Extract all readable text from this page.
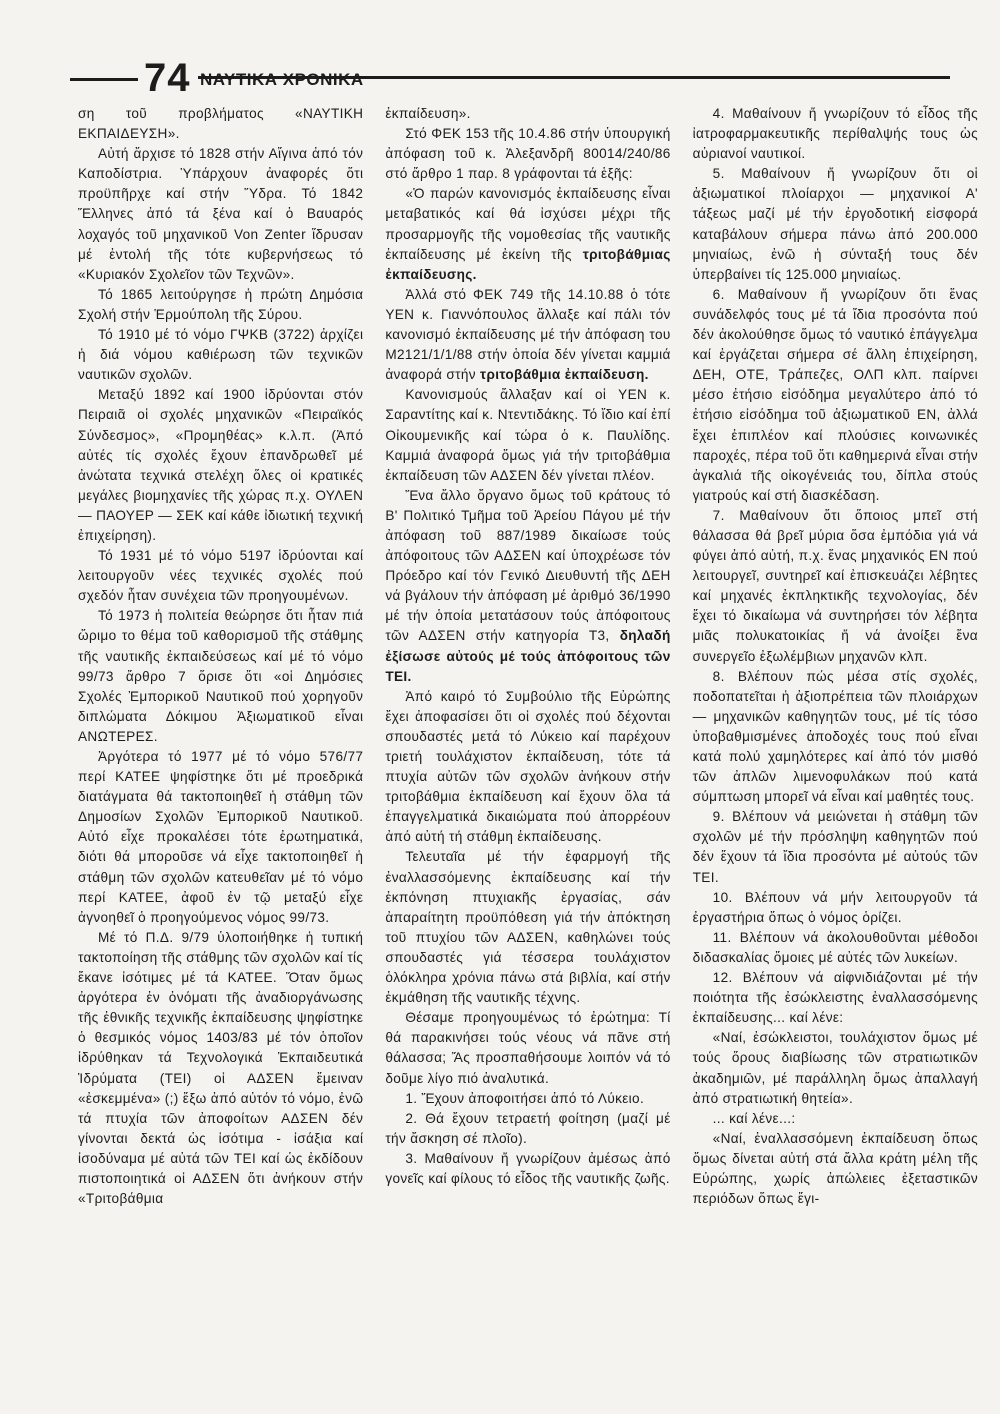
74 ΝΑΥΤΙΚΑ ΧΡΟΝΙΚΑ

ση τοῦ προβλήματος «ΝΑΥΤΙΚΗ ΕΚΠΑΙΔΕΥΣΗ».

Αὐτή ἄρχισε τό 1828 στήν Αἴγινα ἀπό τόν Καποδίστρια. Ὑπάρχουν ἀναφορές ὅτι προϋπῆρχε καί στήν Ὕδρα. Τό 1842 Ἕλληνες ἀπό τά ξένα καί ὁ Βαυαρός λοχαγός τοῦ μηχανικοῦ Von Zenter ἵδρυσαν μέ ἐντολή τῆς τότε κυβερνήσεως τό «Κυριακόν Σχολεῖον τῶν Τεχνῶν».

Τό 1865 λειτούργησε ἡ πρώτη Δημόσια Σχολή στήν Ἑρμούπολη τῆς Σύρου.

Τό 1910 μέ τό νόμο ΓΨΚΒ (3722) ἀρχίζει ἡ διά νόμου καθιέρωση τῶν τεχνικῶν ναυτικῶν σχολῶν.

Μεταξύ 1892 καί 1900 ἱδρύονται στόν Πειραιᾶ οἱ σχολές μηχανικῶν «Πειραϊκός Σύνδεσμος», «Προμηθέας» κ.λ.π. (Ἀπό αὐτές τίς σχολές ἔχουν ἐπανδρωθεῖ μέ ἀνώτατα τεχνικά στελέχη ὅλες οἱ κρατικές μεγάλες βιομηχανίες τῆς χώρας π.χ. ΟΥΛΕΝ — ΠΑΟΥΕΡ — ΣΕΚ καί κάθε ἰδιωτική τεχνική ἐπιχείρηση).

Τό 1931 μέ τό νόμο 5197 ἱδρύονται καί λειτουργοῦν νέες τεχνικές σχολές πού σχεδόν ἦταν συνέχεια τῶν προηγουμένων.

Τό 1973 ἡ πολιτεία θεώρησε ὅτι ἦταν πιά ὥριμο το θέμα τοῦ καθορισμοῦ τῆς στάθμης τῆς ναυτικῆς ἐκπαιδεύσεως καί μέ τό νόμο 99/73 ἄρθρο 7 ὅρισε ὅτι «οἱ Δημόσιες Σχολές Ἐμπορικοῦ Ναυτικοῦ πού χορηγοῦν διπλώματα Δόκιμου Ἀξιωματικοῦ εἶναι ΑΝΩΤΕΡΕΣ.

Ἀργότερα τό 1977 μέ τό νόμο 576/77 περί ΚΑΤΕΕ ψηφίστηκε ὅτι μέ προεδρικά διατάγματα θά τακτοποιηθεῖ ἡ στάθμη τῶν Δημοσίων Σχολῶν Ἐμπορικοῦ Ναυτικοῦ. Αὐτό εἶχε προκαλέσει τότε ἐρωτηματικά, διότι θά μποροῦσε νά εἶχε τακτοποιηθεῖ ἡ στάθμη τῶν σχολῶν κατευθεῖαν μέ τό νόμο περί ΚΑΤΕΕ, ἀφοῦ ἐν τῷ μεταξύ εἶχε ἀγνοηθεῖ ὁ προηγούμενος νόμος 99/73.

Μέ τό Π.Δ. 9/79 ὑλοποιήθηκε ἡ τυπική τακτοποίηση τῆς στάθμης τῶν σχολῶν καί τίς ἔκανε ἰσότιμες μέ τά ΚΑΤΕΕ. Ὅταν ὅμως ἀργότερα ἐν ὀνόματι τῆς ἀναδιοργάνωσης τῆς ἐθνικῆς τεχνικῆς ἐκπαίδευσης ψηφίστηκε ὁ θεσμικός νόμος 1403/83 μέ τόν ὁποῖον ἱδρύθηκαν τά Τεχνολογικά Ἐκπαιδευτικά Ἱδρύματα (ΤΕΙ) οἱ ΑΔΣΕΝ ἔμειναν «ἐσκεμμένα» (;) ἔξω ἀπό αὐτόν τό νόμο, ἐνῶ τά πτυχία τῶν ἀποφοίτων ΑΔΣΕΝ δέν γίνονται δεκτά ὡς ἰσότιμα - ἰσάξια καί ἰσοδύναμα μέ αὐτά τῶν ΤΕΙ καί ὡς ἐκδίδουν πιστοποιητικά οἱ ΑΔΣΕΝ ὅτι ἀνήκουν στήν «Τριτοβάθμια

ἐκπαίδευση».

Στό ΦΕΚ 153 τῆς 10.4.86 στήν ὑπουργική ἀπόφαση τοῦ κ. Ἀλεξανδρῆ 80014/240/86 στό ἄρθρο 1 παρ. 8 γράφονται τά ἑξῆς:

«Ὁ παρών κανονισμός ἐκπαίδευσης εἶναι μεταβατικός καί θά ἰσχύσει μέχρι τῆς προσαρμογῆς τῆς νομοθεσίας τῆς ναυτικῆς ἐκπαίδευσης μέ ἐκείνη τῆς τριτοβάθμιας ἐκπαίδευσης.

Ἀλλά στό ΦΕΚ 749 τῆς 14.10.88 ὁ τότε ΥΕΝ κ. Γιαννόπουλος ἄλλαξε καί πάλι τόν κανονισμό ἐκπαίδευσης μέ τήν ἀπόφαση του Μ2121/1/1/88 στήν ὁποία δέν γίνεται καμμιά ἀναφορά στήν τριτοβάθμια ἐκπαίδευση.

Κανονισμούς ἄλλαξαν καί οἱ ΥΕΝ κ. Σαραντίτης καί κ. Ντεντιδάκης. Τό ἴδιο καί ἐπί Οἰκουμενικῆς καί τώρα ὁ κ. Παυλίδης. Καμμιά ἀναφορά ὅμως γιά τήν τριτοβάθμια ἐκπαίδευση τῶν ΑΔΣΕΝ δέν γίνεται πλέον.

Ἕνα ἄλλο ὄργανο ὅμως τοῦ κράτους τό Β' Πολιτικό Τμῆμα τοῦ Ἀρείου Πάγου μέ τήν ἀπόφαση τοῦ 887/1989 δικαίωσε τούς ἀπόφοιτους τῶν ΑΔΣΕΝ καί ὑποχρέωσε τόν Πρόεδρο καί τόν Γενικό Διευθυντή τῆς ΔΕΗ νά βγάλουν τήν ἀπόφαση μέ ἀριθμό 36/1990 μέ τήν ὁποία μετατάσουν τούς ἀπόφοιτους τῶν ΑΔΣΕΝ στήν κατηγορία Τ3, δηλαδή ἐξίσωσε αὐτούς μέ τούς ἀπόφοιτους τῶν ΤΕΙ.

Ἀπό καιρό τό Συμβούλιο τῆς Εὐρώπης ἔχει ἀποφασίσει ὅτι οἱ σχολές πού δέχονται σπουδαστές μετά τό Λύκειο καί παρέχουν τριετή τουλάχιστον ἐκπαίδευση, τότε τά πτυχία αὐτῶν τῶν σχολῶν ἀνήκουν στήν τριτοβάθμια ἐκπαίδευση καί ἔχουν ὅλα τά ἐπαγγελματικά δικαιώματα πού ἀπορρέουν ἀπό αὐτή τή στάθμη ἐκπαίδευσης.

Τελευταῖα μέ τήν ἐφαρμογή τῆς ἐναλλασσόμενης ἐκπαίδευσης καί τήν ἐκπόνηση πτυχιακῆς ἐργασίας, σάν ἀπαραίτητη προϋπόθεση γιά τήν ἀπόκτηση τοῦ πτυχίου τῶν ΑΔΣΕΝ, καθηλώνει τούς σπουδαστές γιά τέσσερα τουλάχιστον ὁλόκληρα χρόνια πάνω στά βιβλία, καί στήν ἐκμάθηση τῆς ναυτικῆς τέχνης.

Θέσαμε προηγουμένως τό ἐρώτημα: Τί θά παρακινήσει τούς νέους νά πᾶνε στή θάλασσα; Ἄς προσπαθήσουμε λοιπόν νά τό δοῦμε λίγο πιό ἀναλυτικά.

1. Ἔχουν ἀποφοιτήσει ἀπό τό Λύκειο.

2. Θά ἔχουν τετραετή φοίτηση (μαζί μέ τήν ἄσκηση σέ πλοῖο).

3. Μαθαίνουν ἤ γνωρίζουν ἀμέσως ἀπό γονεῖς καί φίλους τό εἶδος τῆς ναυτικῆς ζωῆς.

4. Μαθαίνουν ἤ γνωρίζουν τό εἶδος τῆς ἰατροφαρμακευτικῆς περίθαλψής τους ὡς αὐριανοί ναυτικοί.

5. Μαθαίνουν ἤ γνωρίζουν ὅτι οἱ ἀξιωματικοί πλοίαρχοι — μηχανικοί Α' τάξεως μαζί μέ τήν ἐργοδοτική εἰσφορά καταβάλουν σήμερα πάνω ἀπό 200.000 μηνιαίως, ἐνῶ ἡ σύνταξή τους δέν ὑπερβαίνει τίς 125.000 μηνιαίως.

6. Μαθαίνουν ἤ γνωρίζουν ὅτι ἕνας συνάδελφός τους μέ τά ἴδια προσόντα πού δέν ἀκολούθησε ὅμως τό ναυτικό ἐπάγγελμα καί ἐργάζεται σήμερα σέ ἄλλη ἐπιχείρηση, ΔΕΗ, ΟΤΕ, Τράπεζες, ΟΛΠ κλπ. παίρνει μέσο ἐτήσιο εἰσόδημα μεγαλύτερο ἀπό τό ἐτήσιο εἰσόδημα τοῦ ἀξιωματικοῦ ΕΝ, ἀλλά ἔχει ἐπιπλέον καί πλούσιες κοινωνικές παροχές, πέρα τοῦ ὅτι καθημερινά εἶναι στήν ἀγκαλιά τῆς οἰκογένειάς του, δίπλα στούς γιατρούς καί στή διασκέδαση.

7. Μαθαίνουν ὅτι ὅποιος μπεῖ στή θάλασσα θά βρεῖ μύρια ὅσα ἐμπόδια γιά νά φύγει ἀπό αὐτή, π.χ. ἕνας μηχανικός ΕΝ πού λειτουργεῖ, συντηρεῖ καί ἐπισκευάζει λέβητες καί μηχανές ἐκπληκτικῆς τεχνολογίας, δέν ἔχει τό δικαίωμα νά συντηρήσει τόν λέβητα μιᾶς πολυκατοικίας ἤ νά ἀνοίξει ἕνα συνεργεῖο ἐξωλέμβιων μηχανῶν κλπ.

8. Βλέπουν πώς μέσα στίς σχολές, ποδοπατεῖται ἡ ἀξιοπρέπεια τῶν πλοιάρχων — μηχανικῶν καθηγητῶν τους, μέ τίς τόσο ὑποβαθμισμένες ἀποδοχές τους πού εἶναι κατά πολύ χαμηλότερες καί ἀπό τόν μισθό τῶν ἀπλῶν λιμενοφυλάκων πού κατά σύμπτωση μπορεῖ νά εἶναι καί μαθητές τους.

9. Βλέπουν νά μειώνεται ἡ στάθμη τῶν σχολῶν μέ τήν πρόσληψη καθηγητῶν πού δέν ἔχουν τά ἴδια προσόντα μέ αὐτούς τῶν ΤΕΙ.

10. Βλέπουν νά μήν λειτουργοῦν τά ἐργαστήρια ὅπως ὁ νόμος ὁρίζει.

11. Βλέπουν νά ἀκολουθοῦνται μέθοδοι διδασκαλίας ὅμοιες μέ αὐτές τῶν λυκείων.

12. Βλέπουν νά αἰφνιδιάζονται μέ τήν ποιότητα τῆς ἐσώκλειστης ἐναλλασσόμενης ἐκπαίδευσης... καί λένε:

«Ναί, ἐσώκλειστοι, τουλάχιστον ὅμως μέ τούς ὅρους διαβίωσης τῶν στρατιωτικῶν ἀκαδημιῶν, μέ παράλληλη ὅμως ἀπαλλαγή ἀπό στρατιωτική θητεία».

... καί λένε...:

«Ναί, ἐναλλασσόμενη ἐκπαίδευση ὅπως ὅμως δίνεται αὐτή στά ἄλλα κράτη μέλη τῆς Εὐρώπης, χωρίς ἀπώλειες ἐξεταστικῶν περιόδων ὅπως ἔγι-
